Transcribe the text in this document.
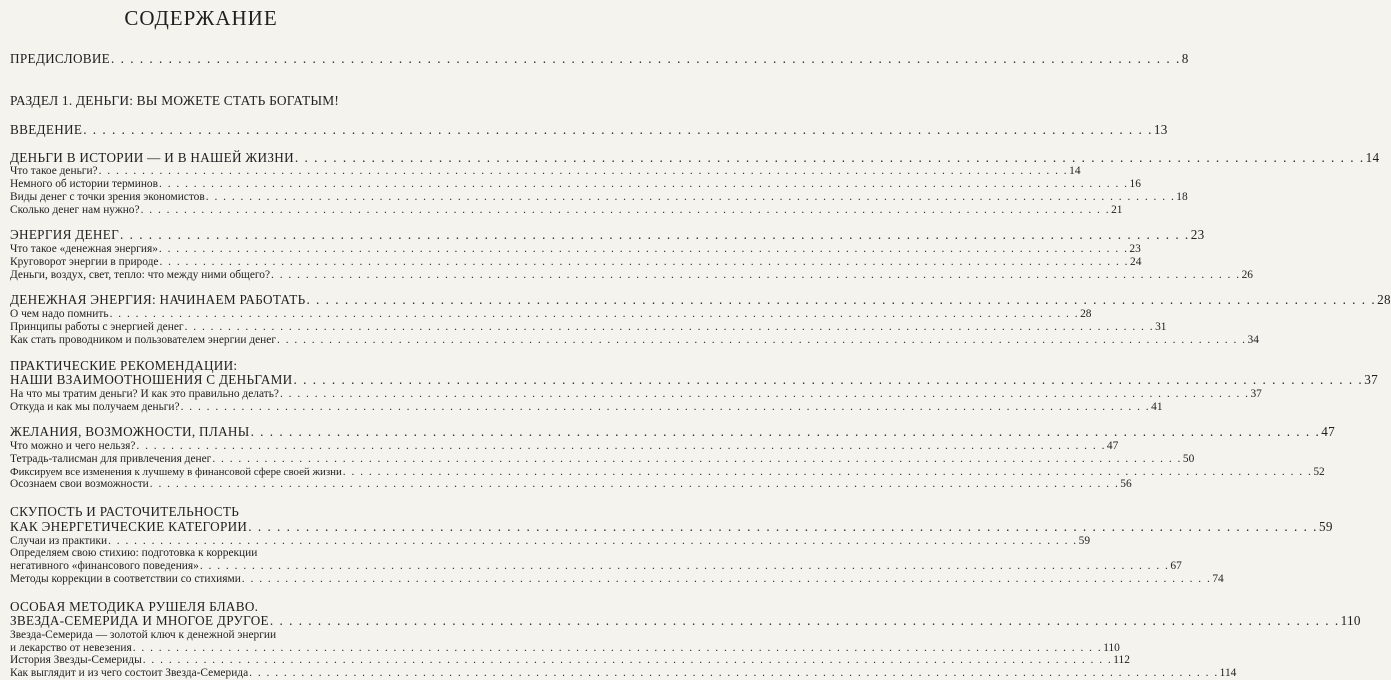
СОДЕРЖАНИЕ
ПРЕДИСЛОВИЕ . . .	8
РАЗДЕЛ 1. ДЕНЬГИ: ВЫ МОЖЕТЕ СТАТЬ БОГАТЫМ!
ВВЕДЕНИЕ . . .	13
ДЕНЬГИ В ИСТОРИИ — И В НАШЕЙ ЖИЗНИ . . .	14
Что такое деньги? . . .	14
Немного об истории терминов . . .	16
Виды денег с точки зрения экономистов . . .	18
Сколько денег нам нужно? . . .	21
ЭНЕРГИЯ ДЕНЕГ . . .	23
Что такое «денежная энергия» . . .	23
Круговорот энергии в природе . . .	24
Деньги, воздух, свет, тепло: что между ними общего? . . .	26
ДЕНЕЖНАЯ ЭНЕРГИЯ: НАЧИНАЕМ РАБОТАТЬ . . .	28
О чем надо помнить . . .	28
Принципы работы с энергией денег . . .	31
Как стать проводником и пользователем энергии денег . . .	34
ПРАКТИЧЕСКИЕ РЕКОМЕНДАЦИИ:
НАШИ ВЗАИМООТНОШЕНИЯ С ДЕНЬГАМИ . . .	37
На что мы тратим деньги? И как это правильно делать? . . .	37
Откуда и как мы получаем деньги? . . .	41
ЖЕЛАНИЯ, ВОЗМОЖНОСТИ, ПЛАНЫ . . .	47
Что можно и чего нельзя? . . .	47
Тетрадь-талисман для привлечения денег . . .	50
Фиксируем все изменения к лучшему в финансовой сфере своей жизни . . .	52
Осознаем свои возможности . . .	56
СКУПОСТЬ И РАСТОЧИТЕЛЬНОСТЬ
КАК ЭНЕРГЕТИЧЕСКИЕ КАТЕГОРИИ . . .	59
Случаи из практики . . .	59
Определяем свою стихию: подготовка к коррекции
негативного «финансового поведения» . . .	67
Методы коррекции в соответствии со стихиями . . .	74
ОСОБАЯ МЕТОДИКА РУШЕЛЯ БЛАВО.
ЗВЕЗДА-СЕМЕРИДА И МНОГОЕ ДРУГОЕ . . .	110
Звезда-Семерида — золотой ключ к денежной энергии
и лекарство от невезения . . .	110
История Звезды-Семериды . . .	112
Как выглядит и из чего состоит Звезда-Семерида . . .	114
